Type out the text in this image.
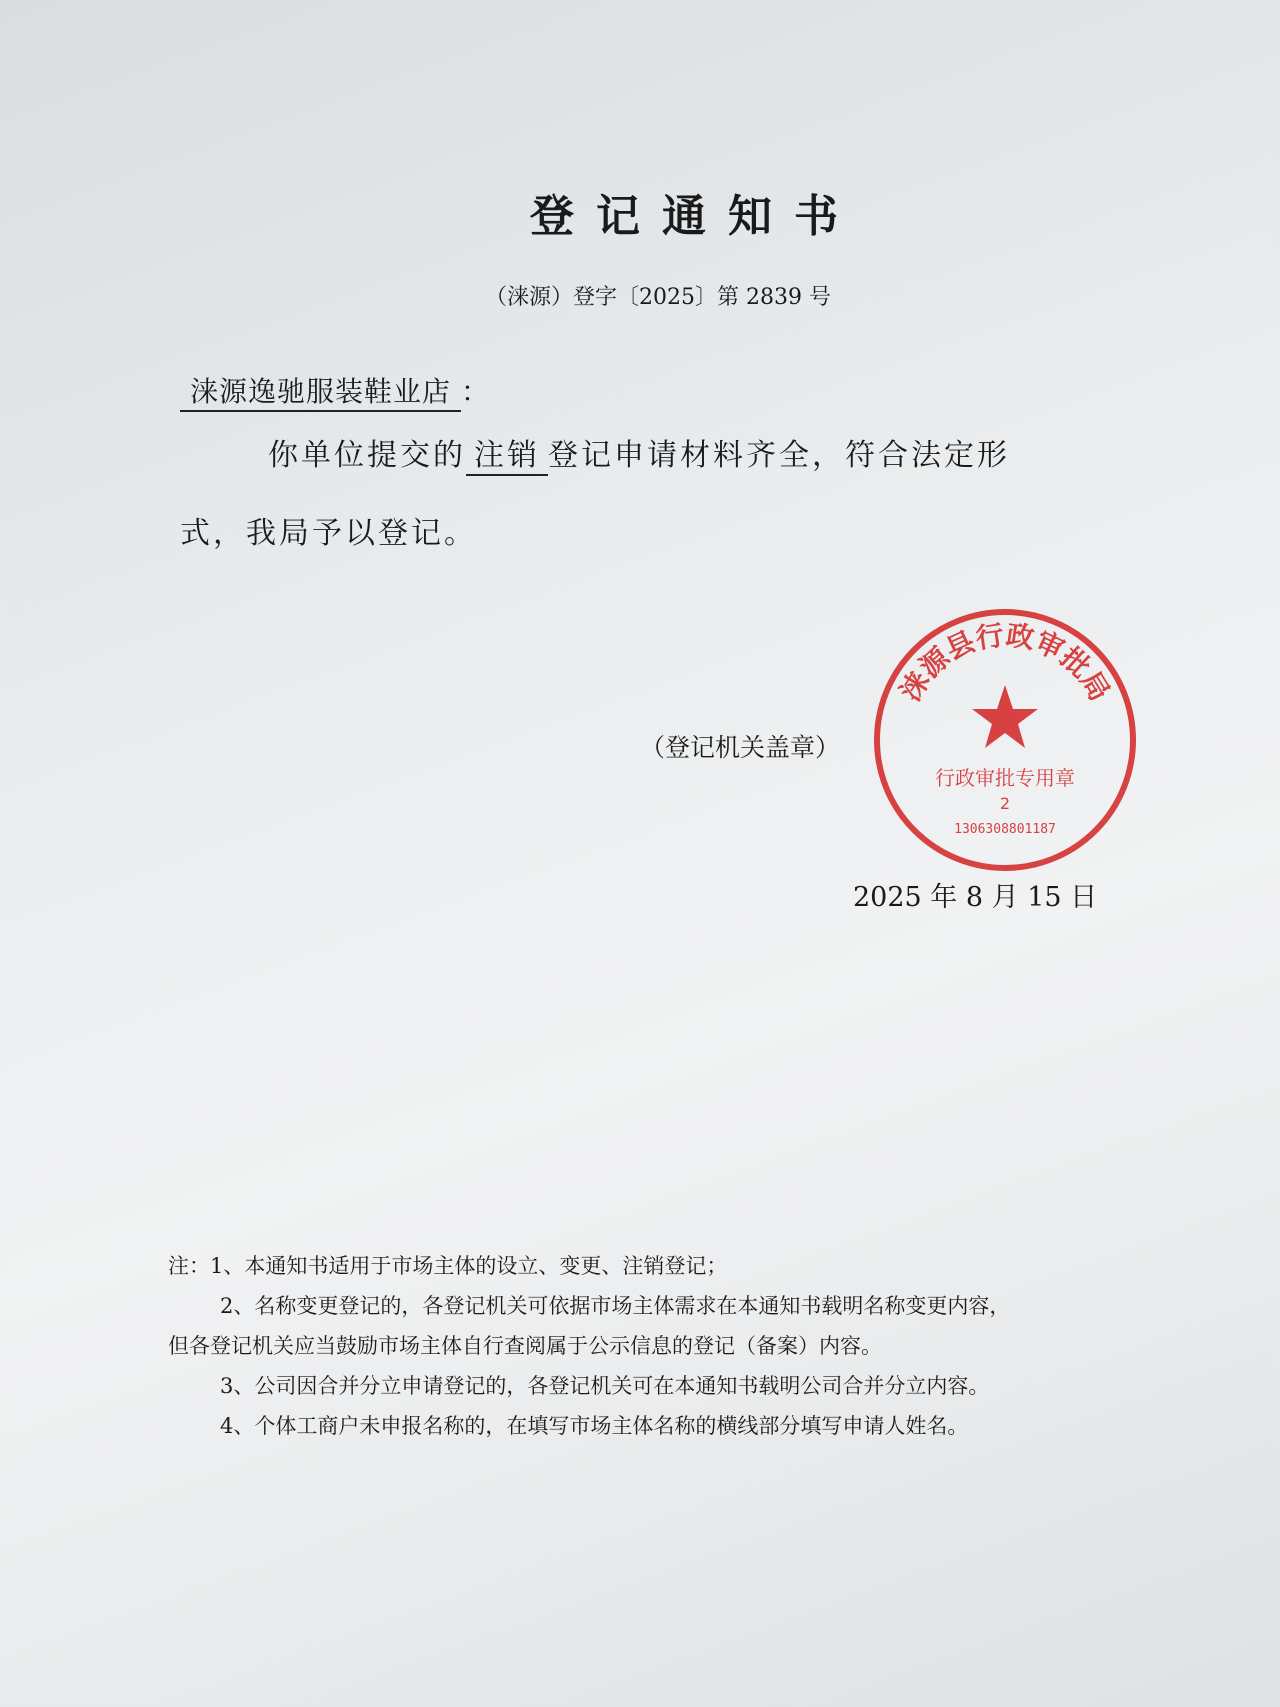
登记通知书
（涞源）登字〔2025〕第 2839 号
涞源逸驰服装鞋业店 ：
你单位提交的 注销 登记申请材料齐全，符合法定形
式，我局予以登记。
（登记机关盖章）
涞源县行政审批局
行政审批专用章
2
1306308801187
2025 年 8 月 15 日
注：1、本通知书适用于市场主体的设立、变更、注销登记；
2、名称变更登记的，各登记机关可依据市场主体需求在本通知书载明名称变更内容，
但各登记机关应当鼓励市场主体自行查阅属于公示信息的登记（备案）内容。
3、公司因合并分立申请登记的，各登记机关可在本通知书载明公司合并分立内容。
4、个体工商户未申报名称的，在填写市场主体名称的横线部分填写申请人姓名。
